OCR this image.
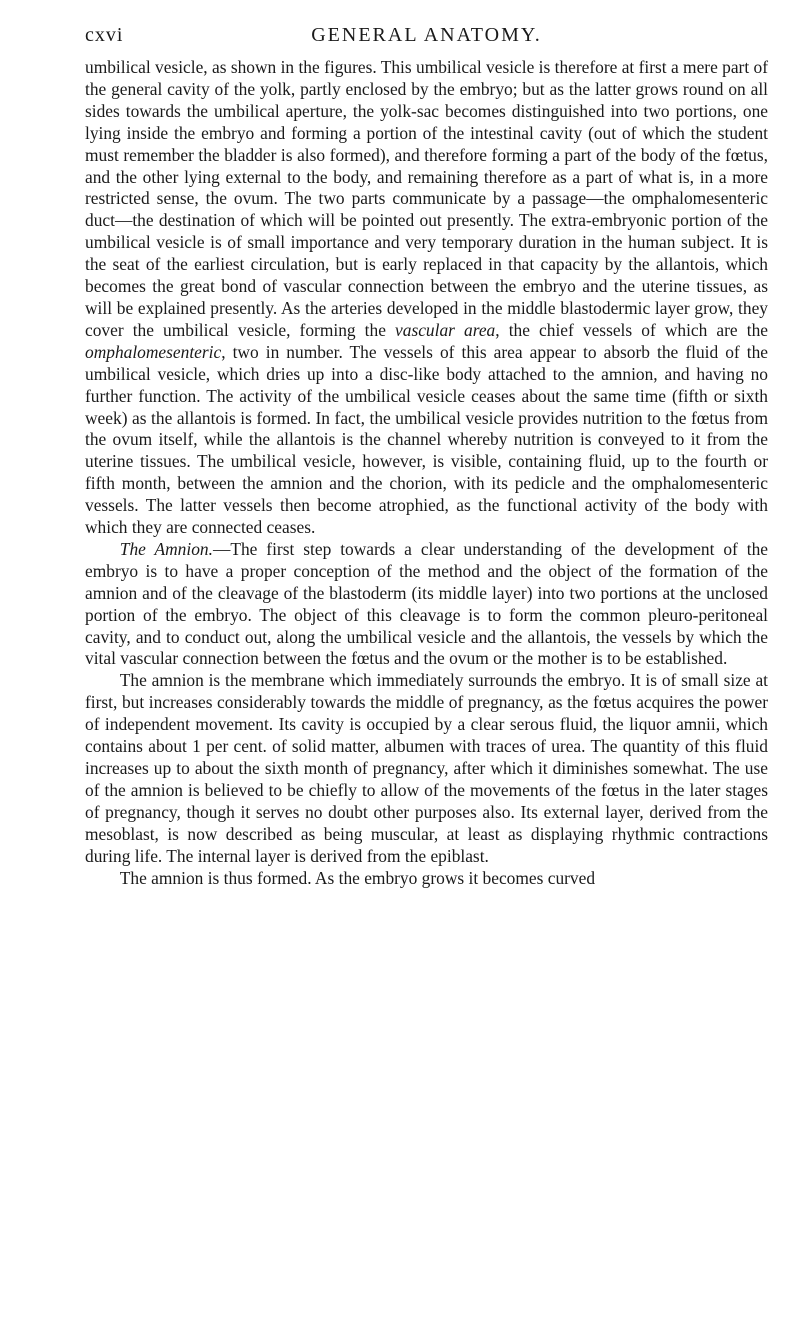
cxvi	GENERAL ANATOMY.

umbilical vesicle, as shown in the figures. This umbilical vesicle is therefore at first a mere part of the general cavity of the yolk, partly enclosed by the embryo; but as the latter grows round on all sides towards the umbilical aperture, the yolk-sac becomes distinguished into two portions, one lying inside the embryo and forming a portion of the intestinal cavity (out of which the student must remember the bladder is also formed), and therefore forming a part of the body of the fœtus, and the other lying external to the body, and remaining therefore as a part of what is, in a more restricted sense, the ovum. The two parts communicate by a passage—the omphalomesenteric duct—the destination of which will be pointed out presently. The extra-embryonic portion of the umbilical vesicle is of small importance and very temporary duration in the human subject. It is the seat of the earliest circulation, but is early replaced in that capacity by the allantois, which becomes the great bond of vascular connection between the embryo and the uterine tissues, as will be explained presently. As the arteries developed in the middle blastodermic layer grow, they cover the umbilical vesicle, forming the vascular area, the chief vessels of which are the omphalomesenteric, two in number. The vessels of this area appear to absorb the fluid of the umbilical vesicle, which dries up into a disc-like body attached to the amnion, and having no further function. The activity of the umbilical vesicle ceases about the same time (fifth or sixth week) as the allantois is formed. In fact, the umbilical vesicle provides nutrition to the fœtus from the ovum itself, while the allantois is the channel whereby nutrition is conveyed to it from the uterine tissues. The umbilical vesicle, however, is visible, containing fluid, up to the fourth or fifth month, between the amnion and the chorion, with its pedicle and the omphalomesenteric vessels. The latter vessels then become atrophied, as the functional activity of the body with which they are connected ceases.

The Amnion.—The first step towards a clear understanding of the development of the embryo is to have a proper conception of the method and the object of the formation of the amnion and of the cleavage of the blastoderm (its middle layer) into two portions at the unclosed portion of the embryo. The object of this cleavage is to form the common pleuro-peritoneal cavity, and to conduct out, along the umbilical vesicle and the allantois, the vessels by which the vital vascular connection between the fœtus and the ovum or the mother is to be established.

The amnion is the membrane which immediately surrounds the embryo. It is of small size at first, but increases considerably towards the middle of pregnancy, as the fœtus acquires the power of independent movement. Its cavity is occupied by a clear serous fluid, the liquor amnii, which contains about 1 per cent. of solid matter, albumen with traces of urea. The quantity of this fluid increases up to about the sixth month of pregnancy, after which it diminishes somewhat. The use of the amnion is believed to be chiefly to allow of the movements of the fœtus in the later stages of pregnancy, though it serves no doubt other purposes also. Its external layer, derived from the mesoblast, is now described as being muscular, at least as displaying rhythmic contractions during life. The internal layer is derived from the epiblast.

The amnion is thus formed. As the embryo grows it becomes curved
